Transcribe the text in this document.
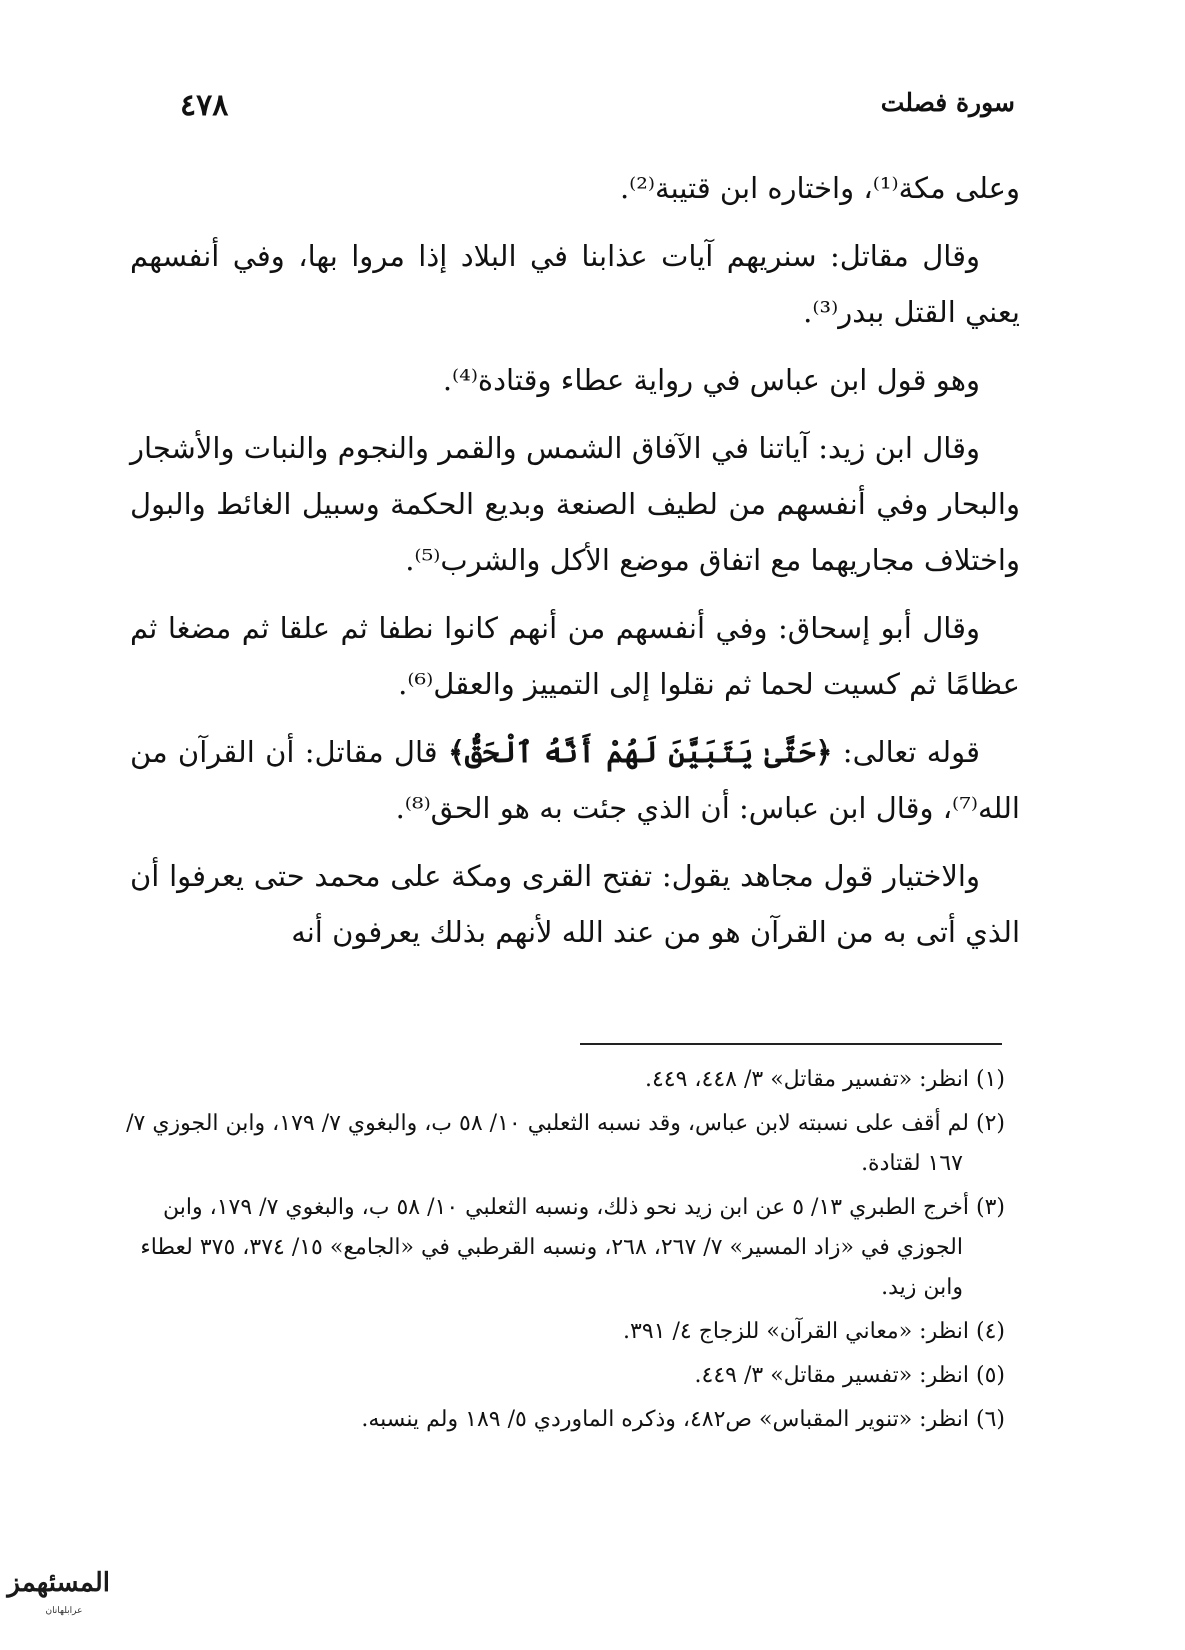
سورة فصلت
٤٧٨

وعلى مكة⁽¹⁾، واختاره ابن قتيبة⁽²⁾.

وقال مقاتل: سنريهم آيات عذابنا في البلاد إذا مروا بها، وفي أنفسهم يعني القتل ببدر⁽³⁾.

وهو قول ابن عباس في رواية عطاء وقتادة⁽⁴⁾.

وقال ابن زيد: آياتنا في الآفاق الشمس والقمر والنجوم والنبات والأشجار والبحار وفي أنفسهم من لطيف الصنعة وبديع الحكمة وسبيل الغائط والبول واختلاف مجاريهما مع اتفاق موضع الأكل والشرب⁽⁵⁾.

وقال أبو إسحاق: وفي أنفسهم من أنهم كانوا نطفا ثم علقا ثم مضغا ثم عظامًا ثم كسيت لحما ثم نقلوا إلى التمييز والعقل⁽⁶⁾.

قوله تعالى: ﴿حَتَّىٰ يَتَبَيَّنَ لَهُمْ أَنَّهُ ٱلْحَقُّ﴾ قال مقاتل: أن القرآن من الله⁽⁷⁾، وقال ابن عباس: أن الذي جئت به هو الحق⁽⁸⁾.

والاختيار قول مجاهد يقول: تفتح القرى ومكة على محمد حتى يعرفوا أن الذي أتى به من القرآن هو من عند الله لأنهم بذلك يعرفون أنه

(١) انظر: «تفسير مقاتل» ٣/ ٤٤٨، ٤٤٩.

(٢) لم أقف على نسبته لابن عباس، وقد نسبه الثعلبي ١٠/ ٥٨ ب، والبغوي ٧/ ١٧٩، وابن الجوزي ٧/ ١٦٧ لقتادة.

(٣) أخرج الطبري ١٣/ ٥ عن ابن زيد نحو ذلك، ونسبه الثعلبي ١٠/ ٥٨ ب، والبغوي ٧/ ١٧٩، وابن الجوزي في «زاد المسير» ٧/ ٢٦٧، ٢٦٨، ونسبه القرطبي في «الجامع» ١٥/ ٣٧٤، ٣٧٥ لعطاء وابن زيد.

(٤) انظر: «معاني القرآن» للزجاج ٤/ ٣٩١.

(٥) انظر: «تفسير مقاتل» ٣/ ٤٤٩.

(٦) انظر: «تنوير المقباس» ص٤٨٢، وذكره الماوردي ٥/ ١٨٩ ولم ينسبه.

المسئهمز
عرابلهانان
